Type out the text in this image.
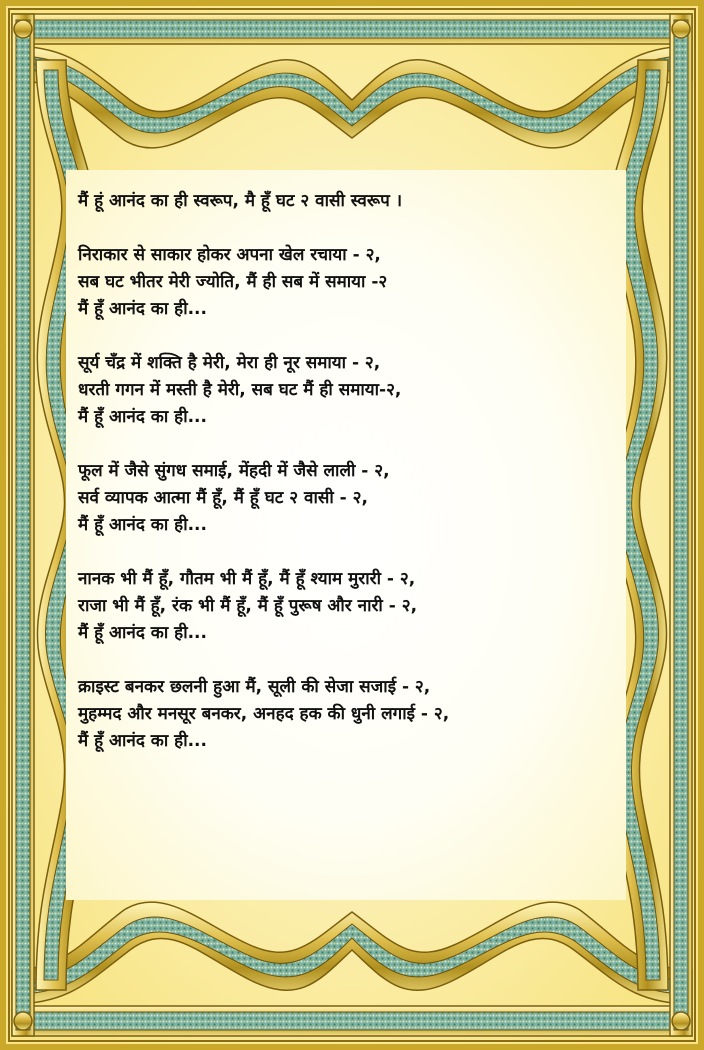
मैं हूं आनंद का ही स्वरूप, मै हूँ घट २ वासी स्वरूप ।
निराकार से साकार होकर अपना खेल रचाया - २,
सब घट भीतर मेरी ज्योति, मैं ही सब में समाया -२
मैं हूँ आनंद का ही...
सूर्य चँद्र में शक्ति है मेरी, मेरा ही नूर समाया - २,
धरती गगन में मस्ती है मेरी, सब घट मैं ही समाया-२,
मैं हूँ आनंद का ही...
फूल में जैसे सुंगध समाई, मेंहदी में जैसे लाली - २,
सर्व व्यापक आत्मा मैं हूँ, मैं हूँ घट २ वासी - २,
मैं हूँ आनंद का ही...
नानक भी मैं हूँ, गौतम भी मैं हूँ, मैं हूँ श्याम मुरारी - २,
राजा भी मैं हूँ, रंक भी मैं हूँ, मैं हूँ पुरूष और नारी - २,
मैं हूँ आनंद का ही...
क्राइस्ट बनकर छलनी हुआ मैं, सूली की सेजा सजाई - २,
मुहम्मद और मनसूर बनकर, अनहद हक की धुनी लगाई - २,
मैं हूँ आनंद का ही...
